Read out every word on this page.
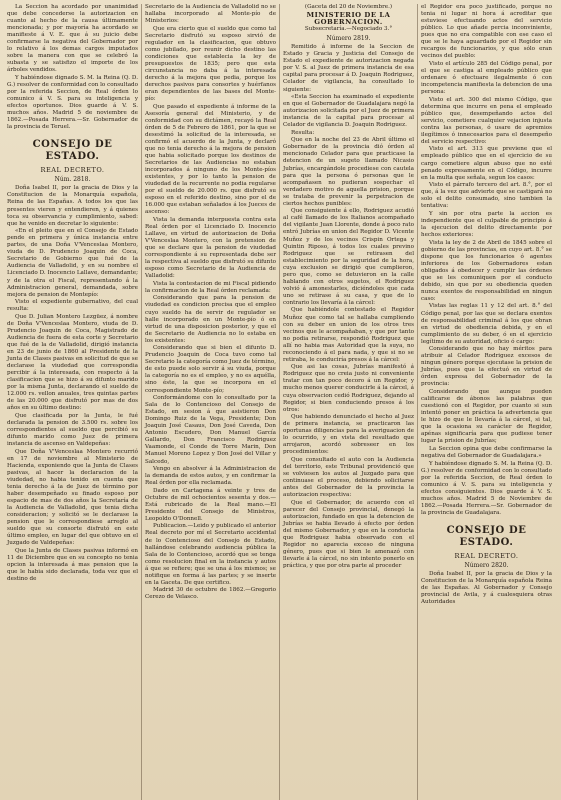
La Seccion ha acordado por unanimidad que debe concederse la autorizacion en cuanto al hecho de la causa últimamente mencionada; y por mayoría ha acordado se manifieste á V. E. que á su juicio debe confirmarse la negativa del Gobernador por lo relativo á los demas cargos imputados sobre la manera con que se celebró la subasta y se satisfizo el importe de los árboles vendidos.

Y habiéndose dignado S. M. la Reina (Q. D. G.) resolver de conformidad con lo consultado por la referida Seccion, de Real órden lo comunico á V. S. para su inteligencia y efectos oportunos. Dios guarde á V. S. muchos años. Madrid 5 de noviembre de 1862.—Posada Herrera.—Sr. Gobernador de la provincia de Teruel.

CONSEJO DE ESTADO.
REAL DECRETO.
Núm. 2818.

Doña Isabel II, por la gracia de Dios y la Constitucion de la Monarquía española, Reina de las Españas. A todos los que las presentes vieren y entendieren, y á quienes toca su observancia y cumplimiento, sabed: que he venido en decretar lo siguiente:

«En el pleito que en el Consejo de Estado pende en primera y única instancia entre partes, de una Doña V'Venceslaa Montero, viuda de D. Prudencio Joaquin de Coca, Secretario de Gobierno que fué de la Audiencia de Valladolid, y en su nombre el Licenciado D. Inocencio Lallave, demandante; y de la otra el Fiscal, representando á la Administracion general, demandada, sobre mejora de pension de Montepío:

Visto el expediente gubernativo, del cual resulta:

Que D. Julian Montero Lezgüez, á nombre de Doña V'Venceslaa Montero, viuda de D. Prudencio Joaquin de Coca, Magistrado de Audiencia de fuera de esta corte y Secretario que fué de la de Valladolid, dirigió instancia en 23 de junio de 1860 al Presidente de la Junta de Clases pasivas en solicitud de que se declarase la viudedad que correspondia percibir á la interesada, con respecto á la clasificacion que se hizo á su difunto marido por la misma Junta, declarando el sueldo de 12.000 rs. vellon anuales, tres quintas partes de las 20.000 que disfrutó por mas de dos años en su último destino:

Que clasificada por la Junta, le fué declarada la pension de 3.500 rs. sobre los correspondientes al sueldo que percibió su difunto marido como Juez de primera instancia de ascenso en Valdepeñas:

Que Doña V'Venceslaa Montero recurrió en 17 de noviembre al Ministerio de Hacienda, exponiendo que la Junta de Clases pasivas, al hacer la declaracion de la viudedad, no habia tenido en cuenta que tenia derecho á la de Juez de término por haber desempeñado su finado esposo por espacio de mas de dos años la Secretaría de la Audiencia de Valladolid, que tenia dicha consideracion; y solicitó se le declarase la pension que le correspondiese arreglo al sueldo que su consorte disfrutó en este último empleo, en lugar del que obtuvo en el Juzgado de Valdepeñas:

Que la Junta de Clases pasivas informó en 11 de Diciembre que en su concepto no tenia opcion la interesada á mas pension que la que le habia sido declarada, toda vez que el destino de

Secretario de la Audiencia de Valladolid no se hallaba incorporado al Monte-pío de Ministerios:

Que era cierto que el sueldo que como tal Secretario disfrutó su esposo sirvió de regulador en la clasificacion, que obtuvo como jubilado, por reunir dicho destino las condiciones que establecia la ley de presupuestos de 1835; pero que esta circunstancia no daba á la interesada derecho á la mejora que pedia, porque los derechos pasivos para consortes y huérfanos eran dependientes de las bases del Monte-pío:

Que pasado el expediente á informe de la Asesoría general del Ministerio, y de conformidad con su dictámen, recayó la Real órden de 5 de Febrero de 1861, por la que se desestimó la solicitud de la interesada, se confirmó el acuerdo de la Junta, y declaró que no tenia derecho á la mejora de pension que habia solicitado porque los destinos de Secretarios de las Audiencias no estaban incorporados á ninguno de los Monte-píos existentes, y por lo tanto la pension de viudedad de la recurrente no podia regularse por el sueldo de 20.000 rs. que disfrutó su esposo en el referido destino, sino por el de 16.000 que estaban señalados á los Jueces de ascenso:

Vista la demanda interpuesta contra esta Real órden por el Licenciado D. Inocencio Lallave, en virtud de autorizacion de Doña V'Venceslaa Montero, con la pretension de que se declare que la pension de viudedad correspondiente á su representada debe ser la respectiva al sueldo que disfrutó su difunto esposo como Secretario de la Audiencia de Valladolid:

Vista la contestacion de mi Fiscal pidiendo la confirmacion de la Real órden reclamada:

Considerando que para la pension de viudedad es condicion precisa que el empleo cuyo sueldo ha de servir de regulador se halle incorporado en un Monte-pío ó en virtud de una disposicion posterior, y que el de Secretario de Audiencia no lo estaba en los existentes:

Considerando que si bien el difunto D. Prudencio Joaquin de Coca tuvo como tal Secretario la categoría como Juez de término, de esto puede solo servir á su viuda, porque la categoría no es el empleo, y no es aquélla, sino éste, la que se incorpora en el correspondiente Monte-pío;

Conformándome con lo consultado por la Sala de lo Contencioso del Consejo de Estado, en sesion á que asistieron Don Domingo Ruiz de la Vega, Presidente; Don Joaquin José Casaus, Don José Caveda, Don Antonio Escudero, Don Manuel García Gallardo, Don Francisco Rodriguez Vaamonde, el Conde de Torre Marin, Don Manuel Moreno Lopez y Don José del Villar y Salcedo,

Vengo en absolver á la Administracion de la demanda de estos autos, y en confirmar la Real órden por ella reclamada.

Dado en Cartagena á veinte y tres de Octubre de mil ochocientos sesenta y dos.—Está rubricado de la Real mano.—El Presidente del Consejo de Ministros, Leopoldo O'Donnell.

Publicacion.—Leido y publicado el anterior Real decreto por mí el Secretario accidental de lo Contencioso del Consejo de Estado, hallándose celebrando audiencia pública la Sala de lo Contencioso, acordó que se tenga como resolucion final en la instancia y autos á que se refiere; que se una á los mismos; se notifique en forma á las partes; y se inserte en la Gaceta. De que certifico.

Madrid 30 de octubre de 1862.—Gregorio Cerezo de Velasco.

(Gaceta del 20 de Noviembre.)
MINISTERIO DE LA GOBERNACION.
Subsecretaría.—Negociado 3.°
Número 2819.

Remitido á informe de la Seccion de Estado y Gracia y Justicia del Consejo de Estado el expediente de autorizacion negada por V. S. al Juez de primera instancia de esa capital para procesar á D. Joaquin Rodriguez, Celador de vigilancia, ha consultado lo siguiente:

«Esta Seccion ha examinado el expediente en que el Gobernador de Guadalajara negó la autorizacion solicitada por el Juez de primera instancia de la capital para procesar al Celador de vigilancia D. Joaquin Rodriguez.

Resulta:

Que en la noche del 23 de Abril último el Gobernador de la provincia dió órden al mencionado Celador para que practicase la detencion de un sugeto llamado Nicasio Jubrías, encargándole procediese con cautela para que la persona ó personas que le acompañasen no pudieran sospechar el verdadero motivo de aquella prision, porque se trataba de prevenir la perpetracion de ciertos hechos punibles:

Que consiguiente á ello, Rodriguez acudió al café llamado de los Italianos acompañado del vigilante Juan Llorente, donde á poco rato entró Jubrías en union del Regidor D. Vicente Muñoz y de los vecinos Crispin Ortega y Quintin Riposo, á todos los cuales previno Rodriguez que se retirasen del establecimiento por la seguridad de la hora, cuya exclusion se dirigió que cumplieron, pero que, como se detuvieron en la calle hablando con otros sugetos, el Rodriguez volvió á amonestarles, diciéndoles que cada uno se retirase á su casa, y que de lo contrario los llevaría á la cárcel:

Que habiéndole contestado el Regidor Muñoz que como tal se hallaba cumpliendo con su deber en union de los otros tres vecinos que le acompañaban, y que por tanto no podia retirarse, respondió Rodriguez que allí no habia mas Autoridad que la suya, no reconociendo á el para nada, y que si no se retiraba, le conduciría presos á la cárcel:

Que asi las cosas, Jubrías manifestó á Rodriguez que no creia justo ni conveniente tratar con tan poco decoro á un Regidor, y mucho menos querer conducirle á la cárcel, á cuya observacion cedió Rodriguez, dejando al Regidor, si bien conduciendo presos á los otros:

Que habiendo denunciado el hecho al Juez de primera instancia, se practicaron las oportunas diligencias para la averiguacion de lo ocurrido, y en vista del resultado que arrojaron, acordó sobreseer en los procedimientos:

Que consultado el auto con la Audiencia del territorio, este Tribunal providenció que se volviesen los autos al Juzgado para que continuase el proceso, debiendo solicitarse antes del Gobernador de la provincia la autorizacion respectiva:

Que el Gobernador, de acuerdo con el parecer del Consejo provincial, denegó la autorizacion, fundado en que la detencion de Jubrías se habia llevado á efecto por órden del mismo Gobernador, y que en la conducta que Rodriguez habia observado con el Regidor no aparecia exceso de ninguna género, pues que si bien le amenazó con llevarle á la cárcel, no sin intento ponerlo en práctica, y que por otra parte al proceder

el Regidor era poco justificado, porque no tenia ni lugar ni hora á acreditar que estuviese efectuando actos del servicio público. Lo que añade percia inconviniente, pues que no era compatible con ese caso el que se le haya aguardado por el Regidor sin recargos de funcionarios, y que sólo eran vecinos del pueblo:

Visto el artículo 285 del Código penal, por el que se castiga al empleado público que ordenare ó efectuare ilegalmente ó con incompetencia manifiesta la detencion de una persona:

Visto el art. 300 del mismo Código, que determina que incurre en pena el empleado público que, desempeñando actos del servicio, cometiere cualquier vejacion injusta contra las personas, ó usare de apremios ilegítimos ó innecesarios para el desempeño del servicio respectivo:

Visto el art. 313 que previene que el empleado público que en el ejercicio de su cargo cometiere algun abuso que no esté penado expresamente en el Código, incurre en la multa que señala, segun los casos:

Visto el párrafo tercero del art. 8.°, por el que, á la vez que advierte que se castigará no solo el delito consumado, sino tambien la tentativa:

Y sin por otra parte la accion es independiente que el culpable de principio á la ejecucion del delito directamente por hechos exteriores:

Vista la ley de 2 de Abril de 1845 sobre el gobierno de las provincias, en cuyo art. 8.° se dispone que los funcionarios ó agentes inferiores de los Gobernadores estan obligados á obedecer y cumplir las órdenes que se les comuniquen por el conducto debido, sin que por su obediencia queden nunca exentos de responsabilidad en ningun caso:

Vistas las reglas 11 y 12 del art. 8.° del Código penal, por las que se declara exentos de responsabilidad criminal á los que obran en virtud de obediencia debida, y en el cumplimiento de su deber, ó en el ejercicio legítimo de su autoridad, oficio ó cargo:

Considerando que no hay méritos para atribuir al Celador Rodriguez excesos de ningun género porque ejecutase la prision de Jubrías, pues que la efectuó en virtud de órden expresa del Gobernador de la provincia:

Considerando que aunque pueden calificarse de ábonos las palabras que cuestionó con el Regidor, por cuanto si sun intentó poner en práctica la advertencia que le hizo de que le llevaría á la cárcel, si tal, que la ocasiona su carácter de Regidor, apénas significaría para que pudiese tener lugar la prision de Jubrías;

La Seccion opina que debe confirmarse la negativa del Gobernador de Guadalajara.»

Y habiéndose dignado S. M. la Reina (Q. D. G.) resolver de conformidad con lo consultado por la referida Seccion, de Real órden lo comunico á V. S. para su inteligencia y efectos consiguientes. Dios guarde á V. S. muchos años. Madrid 5 de Noviembre de 1862.—Posada Herrera.—Sr. Gobernador de la provincia de Guadalajara.

CONSEJO DE ESTADO.
REAL DECRETO.
Número 2820.

Doña Isabel II, por la gracia de Dios y la Constitucion de la Monarquía española Reina de las Españas. Al Gobernador y Consejo provincial de Avila, y á cualesquiera otras Autoridades
